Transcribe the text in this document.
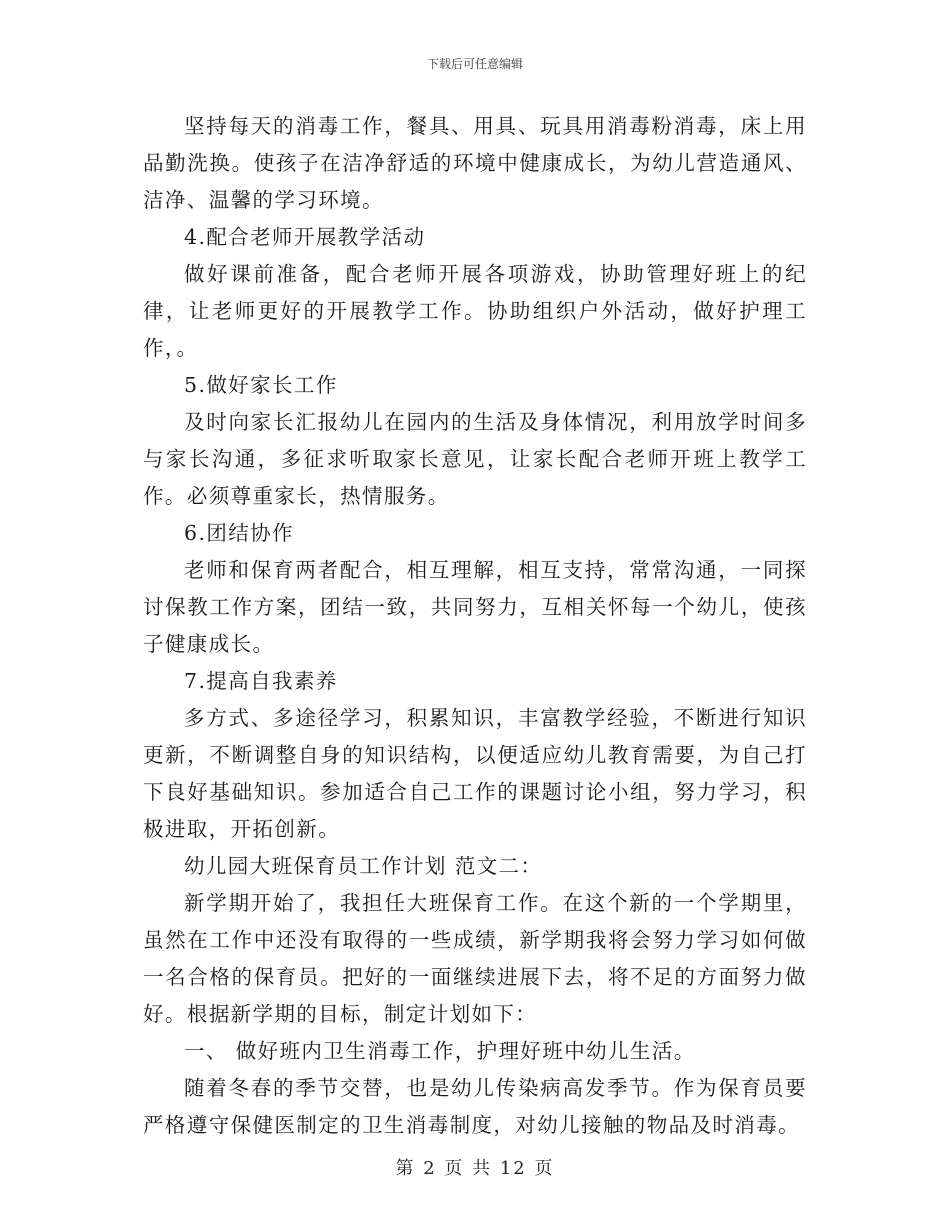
下载后可任意编辑

坚持每天的消毒工作，餐具、用具、玩具用消毒粉消毒，床上用品勤洗换。使孩子在洁净舒适的环境中健康成长，为幼儿营造通风、洁净、温馨的学习环境。

4.配合老师开展教学活动

做好课前准备，配合老师开展各项游戏，协助管理好班上的纪律，让老师更好的开展教学工作。协助组织户外活动，做好护理工作，。

5.做好家长工作

及时向家长汇报幼儿在园内的生活及身体情况，利用放学时间多与家长沟通，多征求听取家长意见，让家长配合老师开班上教学工作。必须尊重家长，热情服务。

6.团结协作

老师和保育两者配合，相互理解，相互支持，常常沟通，一同探讨保教工作方案，团结一致，共同努力，互相关怀每一个幼儿，使孩子健康成长。

7.提高自我素养

多方式、多途径学习，积累知识，丰富教学经验，不断进行知识更新，不断调整自身的知识结构，以便适应幼儿教育需要，为自己打下良好基础知识。参加适合自己工作的课题讨论小组，努力学习，积极进取，开拓创新。

幼儿园大班保育员工作计划 范文二：

新学期开始了，我担任大班保育工作。在这个新的一个学期里，虽然在工作中还没有取得的一些成绩，新学期我将会努力学习如何做一名合格的保育员。把好的一面继续进展下去，将不足的方面努力做好。根据新学期的目标，制定计划如下：

一、 做好班内卫生消毒工作，护理好班中幼儿生活。

随着冬春的季节交替，也是幼儿传染病高发季节。作为保育员要严格遵守保健医制定的卫生消毒制度，对幼儿接触的物品及时消毒。

第 2 页 共 12 页
